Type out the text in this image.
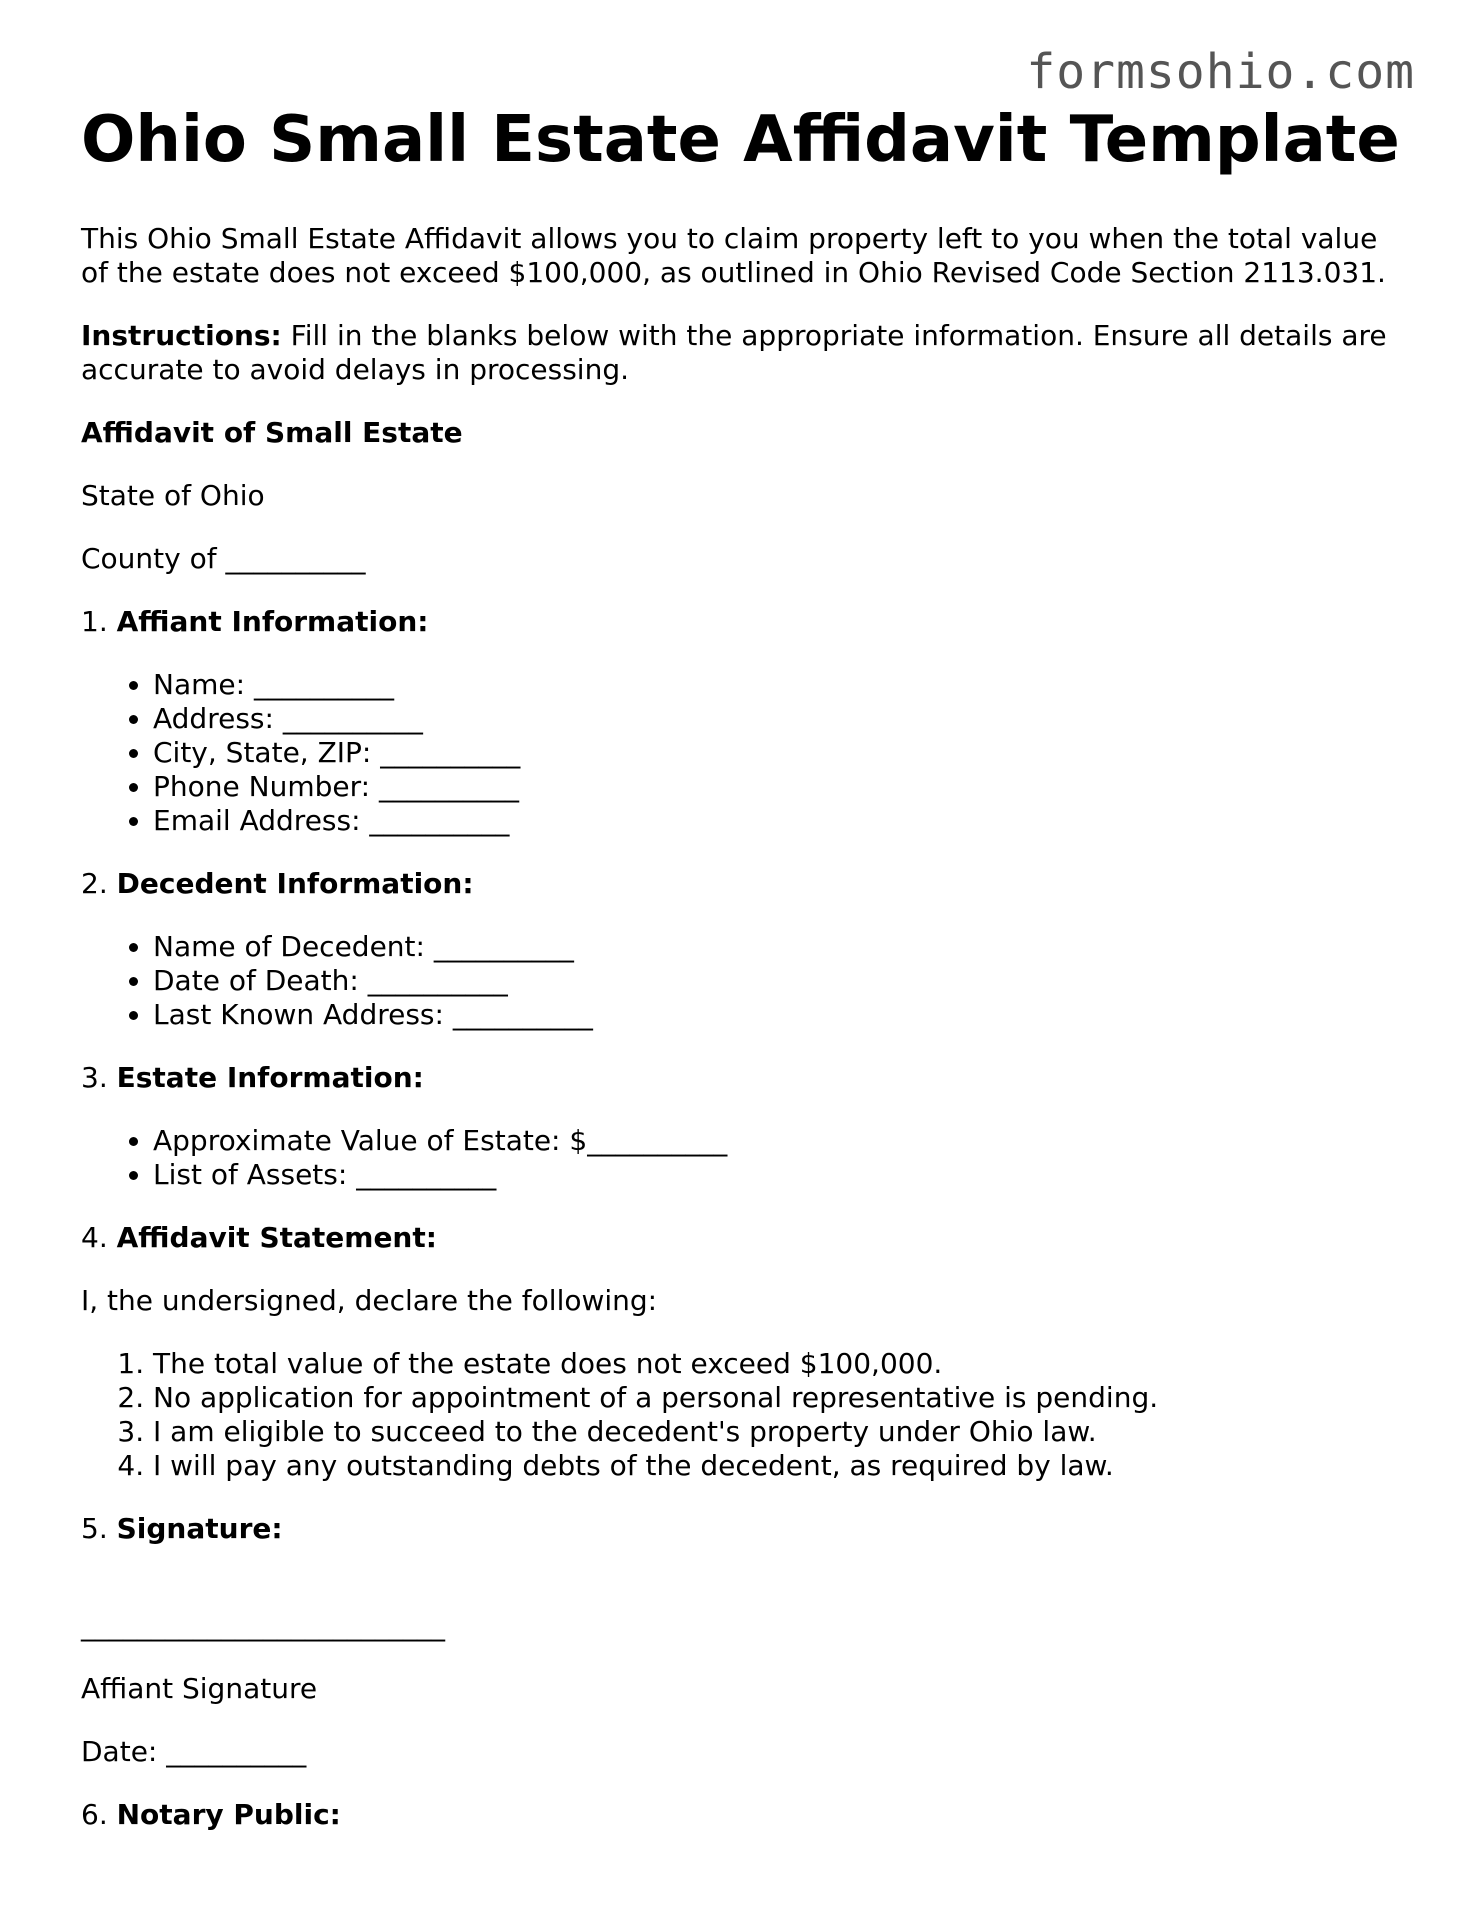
formsohio.com
Ohio Small Estate Affidavit Template

This Ohio Small Estate Affidavit allows you to claim property left to you when the total value of the estate does not exceed $100,000, as outlined in Ohio Revised Code Section 2113.031.

Instructions: Fill in the blanks below with the appropriate information. Ensure all details are accurate to avoid delays in processing.

Affidavit of Small Estate

State of Ohio

County of __________

1. Affiant Information:
• Name: __________
• Address: __________
• City, State, ZIP: __________
• Phone Number: __________
• Email Address: __________
2. Decedent Information:
• Name of Decedent: __________
• Date of Death: __________
• Last Known Address: __________
3. Estate Information:
• Approximate Value of Estate: $__________
• List of Assets: __________
4. Affidavit Statement:

I, the undersigned, declare the following:

1. The total value of the estate does not exceed $100,000.
2. No application for appointment of a personal representative is pending.
3. I am eligible to succeed to the decedent's property under Ohio law.
4. I will pay any outstanding debts of the decedent, as required by law.
5. Signature:
__________________________

Affiant Signature

Date: __________

6. Notary Public:
